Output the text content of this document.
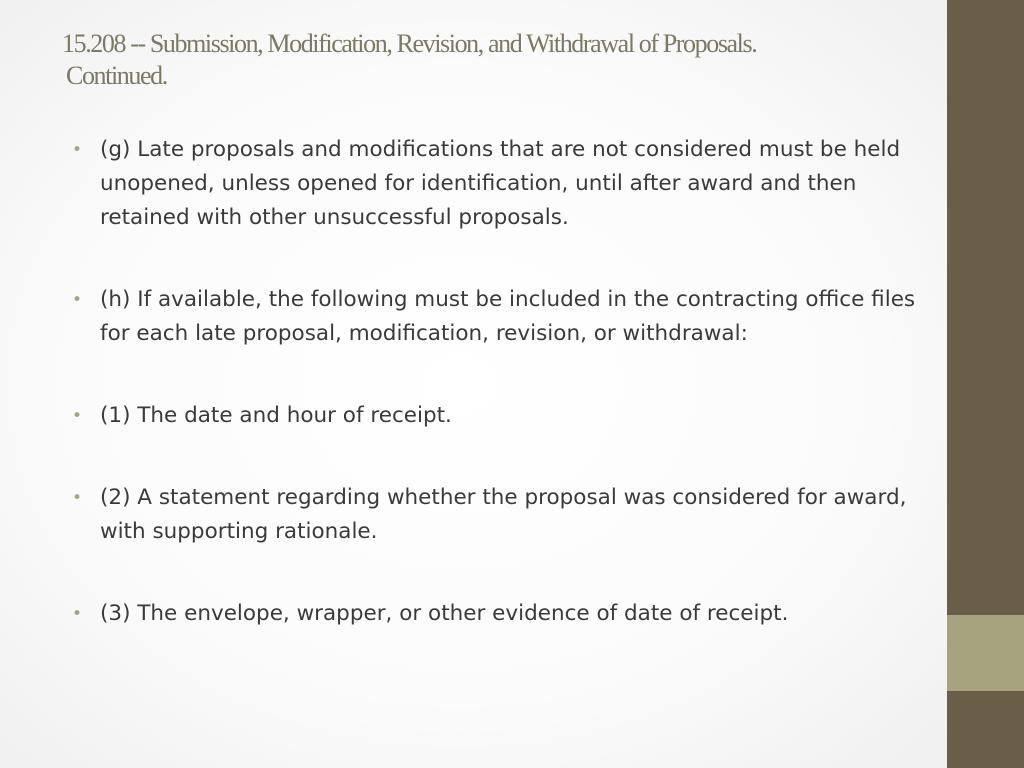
15.208 -- Submission, Modification, Revision, and Withdrawal of Proposals.
Continued.
• (g) Late proposals and modifications that are not considered must be held unopened, unless opened for identification, until after award and then retained with other unsuccessful proposals.
• (h) If available, the following must be included in the contracting office files for each late proposal, modification, revision, or withdrawal:
• (1) The date and hour of receipt.
• (2) A statement regarding whether the proposal was considered for award, with supporting rationale.
• (3) The envelope, wrapper, or other evidence of date of receipt.
